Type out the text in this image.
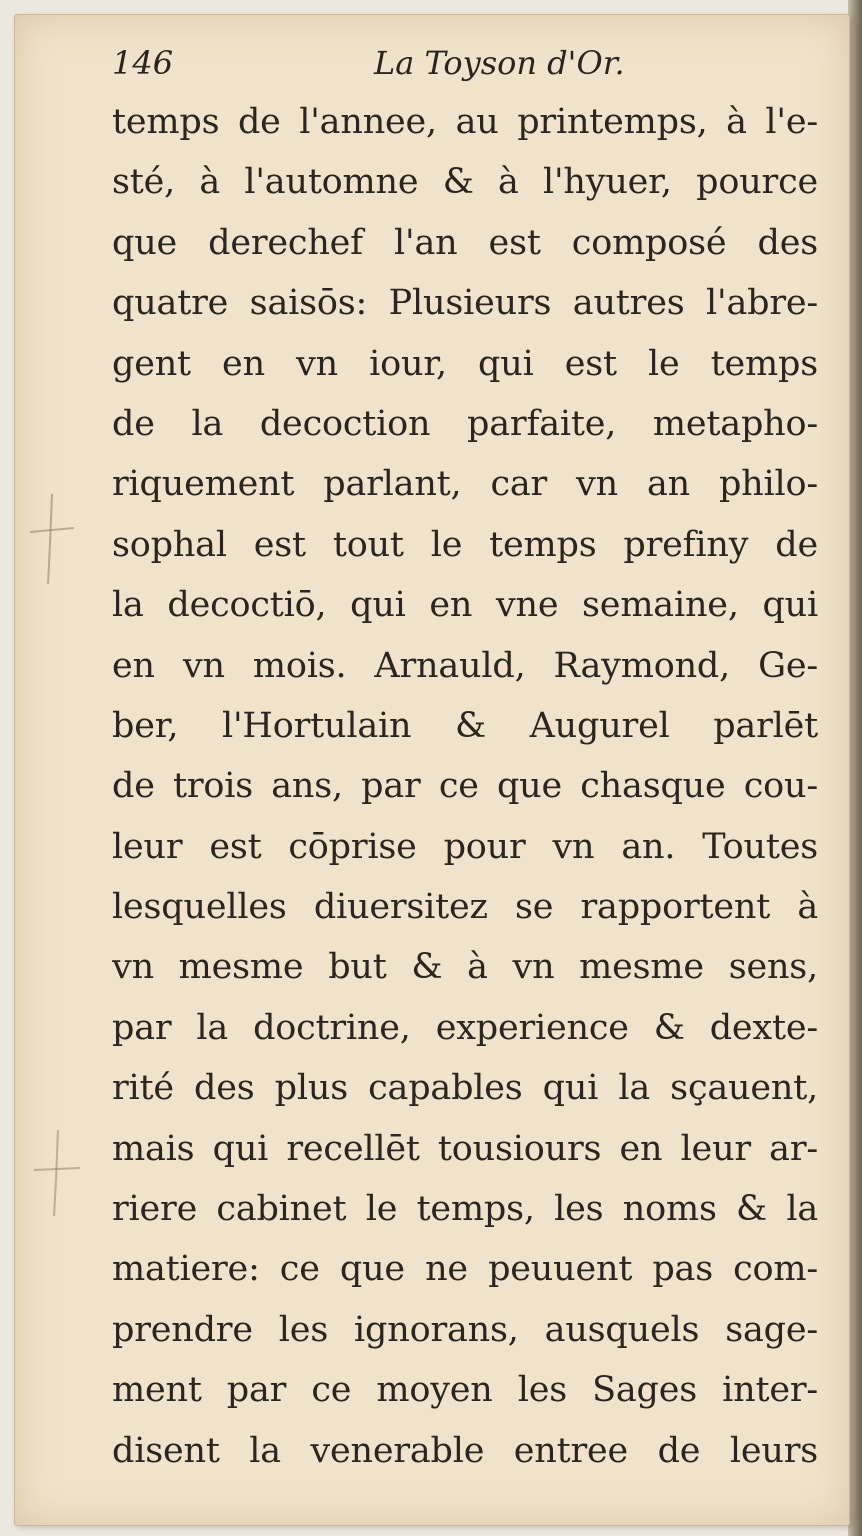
146	La Toyson d'Or.
temps de l'annee, au printemps, à l'e-
sté, à l'automne & à l'hyuer, pource
que derechef l'an est composé des
quatre saisōs: Plusieurs autres l'abre-
gent en vn iour, qui est le temps
de la decoction parfaite, metapho-
riquement parlant, car vn an philo-
sophal est tout le temps prefiny de
la decoctiō, qui en vne semaine, qui
en vn mois. Arnauld, Raymond, Ge-
ber, l'Hortulain & Augurel parlēt
de trois ans, par ce que chasque cou-
leur est cōprise pour vn an. Toutes
lesquelles diuersitez se rapportent à
vn mesme but & à vn mesme sens,
par la doctrine, experience & dexte-
rité des plus capables qui la sçauent,
mais qui recellēt tousiours en leur ar-
riere cabinet le temps, les noms & la
matiere: ce que ne peuuent pas com-
prendre les ignorans, ausquels sage-
ment par ce moyen les Sages inter-
disent la venerable entree de leurs
